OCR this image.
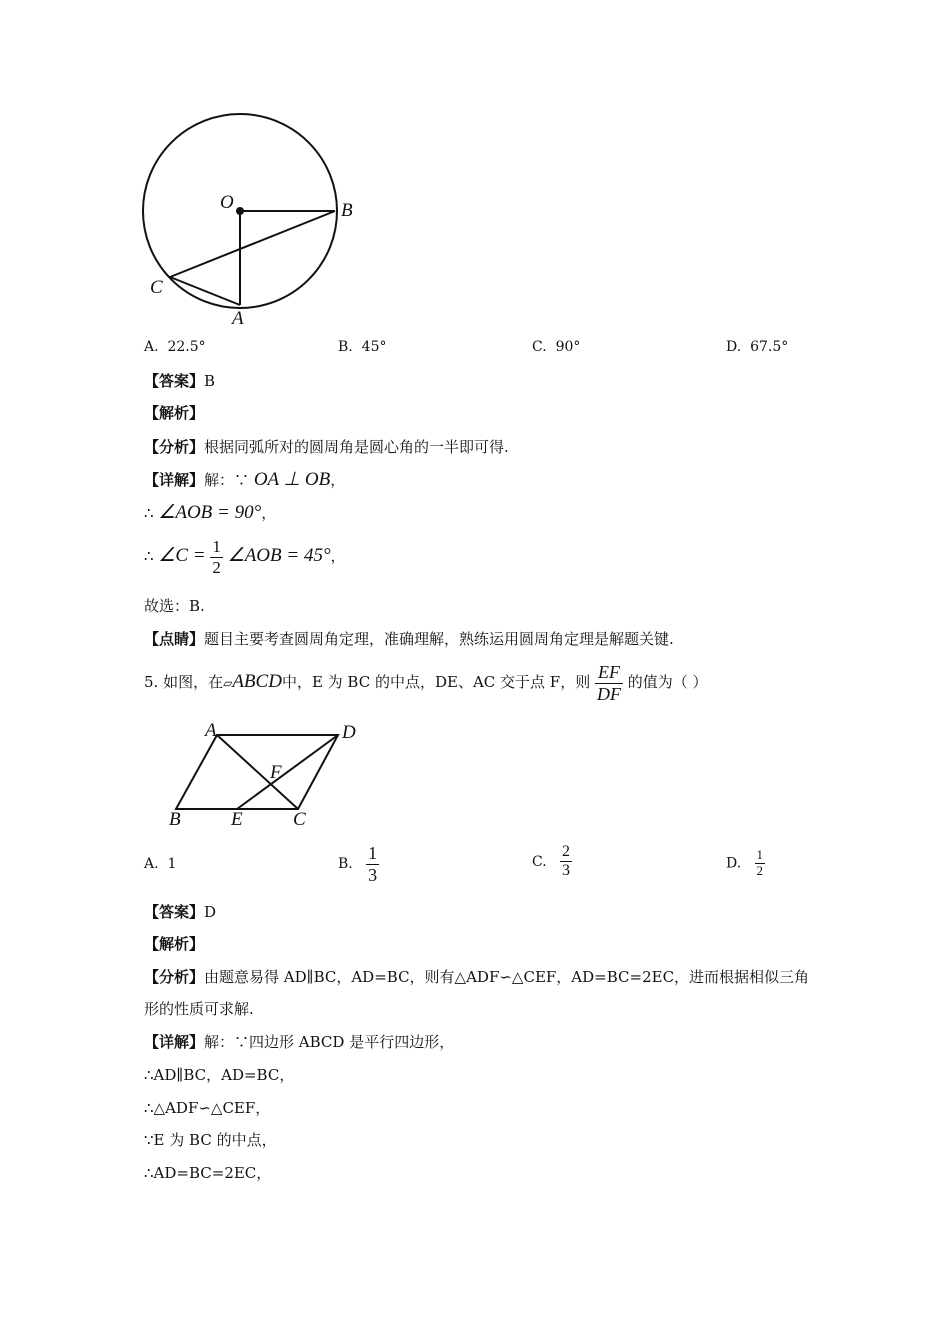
O	B
C
A
A. 22.5°	B. 45°	C. 90°	D. 67.5°
【答案】B
【解析】
【分析】根据同弧所对的圆周角是圆心角的一半即可得.
【详解】解：∵ OA ⊥ OB，
∴ ∠AOB = 90°，
∴ ∠C = $\frac{1}{2}$ ∠AOB = 45°，
故选：B.
【点睛】题目主要考查圆周角定理，准确理解，熟练运用圆周角定理是解题关键.
5. 如图，在▱ABCD中，E 为 BC 的中点，DE、AC 交于点 F，则 $\frac{EF}{DF}$ 的值为（ ）
A	D
F
B	E	C
A. 1	B. $\frac{1}{3}$	C. $\frac{2}{3}$	D. $\frac{1}{2}$
【答案】D
【解析】
【分析】由题意易得 AD∥BC，AD=BC，则有△ADF∽△CEF，AD=BC=2EC，进而根据相似三角
形的性质可求解.
【详解】解：∵四边形 ABCD 是平行四边形，
∴AD∥BC，AD=BC，
∴△ADF∽△CEF，
∵E 为 BC 的中点，
∴AD=BC=2EC，
